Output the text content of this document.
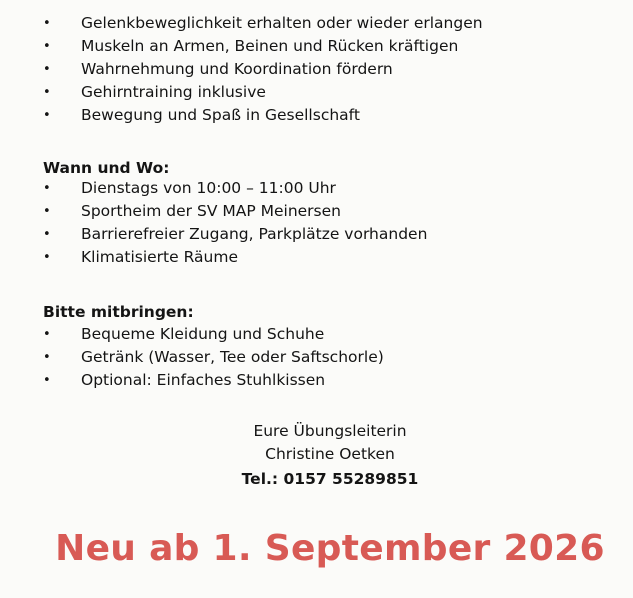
• Gelenkbeweglichkeit erhalten oder wieder erlangen
• Muskeln an Armen, Beinen und Rücken kräftigen
• Wahrnehmung und Koordination fördern
• Gehirntraining inklusive
• Bewegung und Spaß in Gesellschaft
Wann und Wo:
• Dienstags von 10:00 – 11:00 Uhr
• Sportheim der SV MAP Meinersen
• Barrierefreier Zugang, Parkplätze vorhanden
• Klimatisierte Räume
Bitte mitbringen:
• Bequeme Kleidung und Schuhe
• Getränk (Wasser, Tee oder Saftschorle)
• Optional: Einfaches Stuhlkissen
Eure Übungsleiterin
Christine Oetken
Tel.: 0157 55289851
Neu ab 1. September 2026
